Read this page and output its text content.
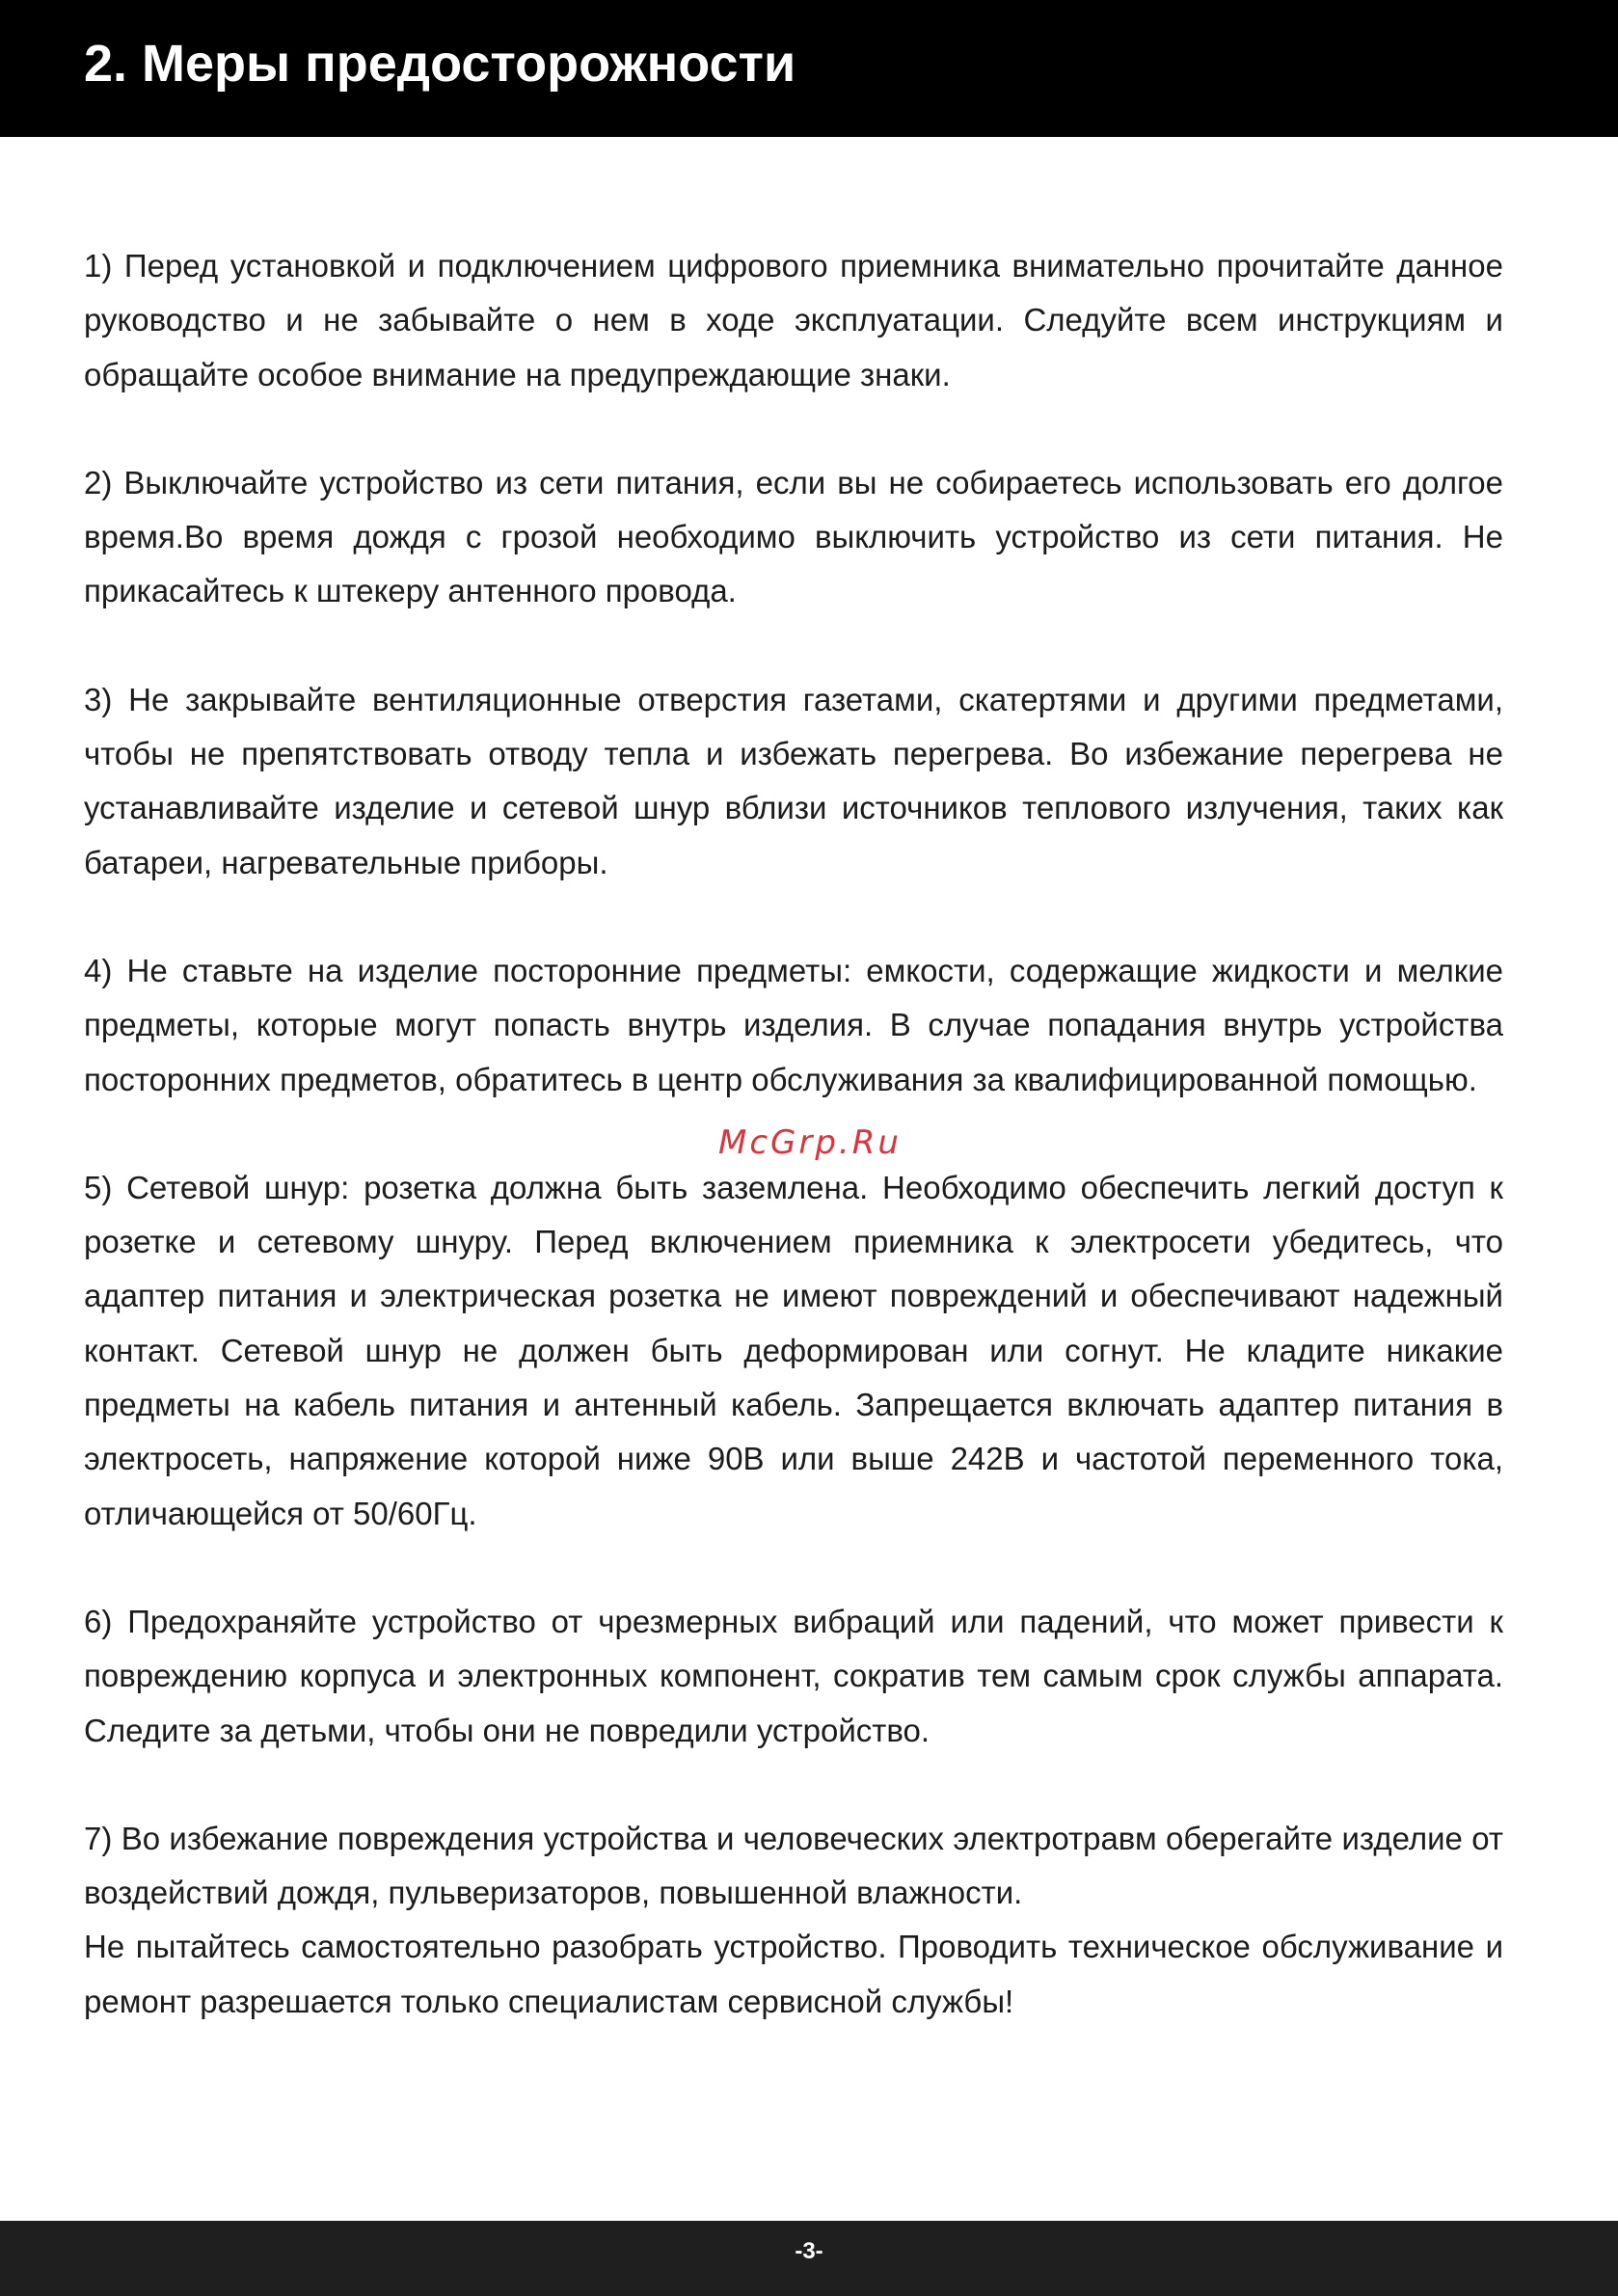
2. Меры предосторожности

1) Перед установкой и подключением цифрового приемника внимательно прочитайте данное руководство и не забывайте о нем в ходе эксплуатации. Следуйте всем инструкциям и обращайте особое внимание на предупреждающие знаки.

2) Выключайте устройство из сети питания, если вы не собираетесь использовать его долгое время.Во время дождя с грозой необходимо выключить устройство из сети питания. Не прикасайтесь к штекеру антенного провода.

3) Не закрывайте вентиляционные отверстия газетами, скатертями и другими предметами, чтобы не препятствовать отводу тепла и избежать перегрева. Во избежание перегрева не устанавливайте изделие и сетевой шнур вблизи источников теплового излучения, таких как батареи, нагревательные приборы.

4) Не ставьте на изделие посторонние предметы: емкости, содержащие жидкости и мелкие предметы, которые могут попасть внутрь изделия. В случае попадания внутрь устройства посторонних предметов, обратитесь в центр обслуживания за квалифицированной помощью.

5) Сетевой шнур: розетка должна быть заземлена. Необходимо обеспечить легкий доступ к розетке и сетевому шнуру. Перед включением приемника к электросети убедитесь, что адаптер питания и электрическая розетка не имеют повреждений и обеспечивают надежный контакт. Сетевой шнур не должен быть деформирован или согнут. Не кладите никакие предметы на кабель питания и антенный кабель. Запрещается включать адаптер питания в электросеть, напряжение которой ниже 90В или выше 242В и частотой переменного тока, отличающейся от 50/60Гц.

6) Предохраняйте устройство от чрезмерных вибраций или падений, что может привести к повреждению корпуса и электронных компонент, сократив тем самым срок службы аппарата. Следите за детьми, чтобы они не повредили устройство.

7) Во избежание повреждения устройства и человеческих электротравм оберегайте изделие от воздействий дождя, пульверизаторов, повышенной влажности.
Не пытайтесь самостоятельно разобрать устройство. Проводить техническое обслуживание и ремонт разрешается только специалистам сервисной службы!

McGrp.Ru
-3-
